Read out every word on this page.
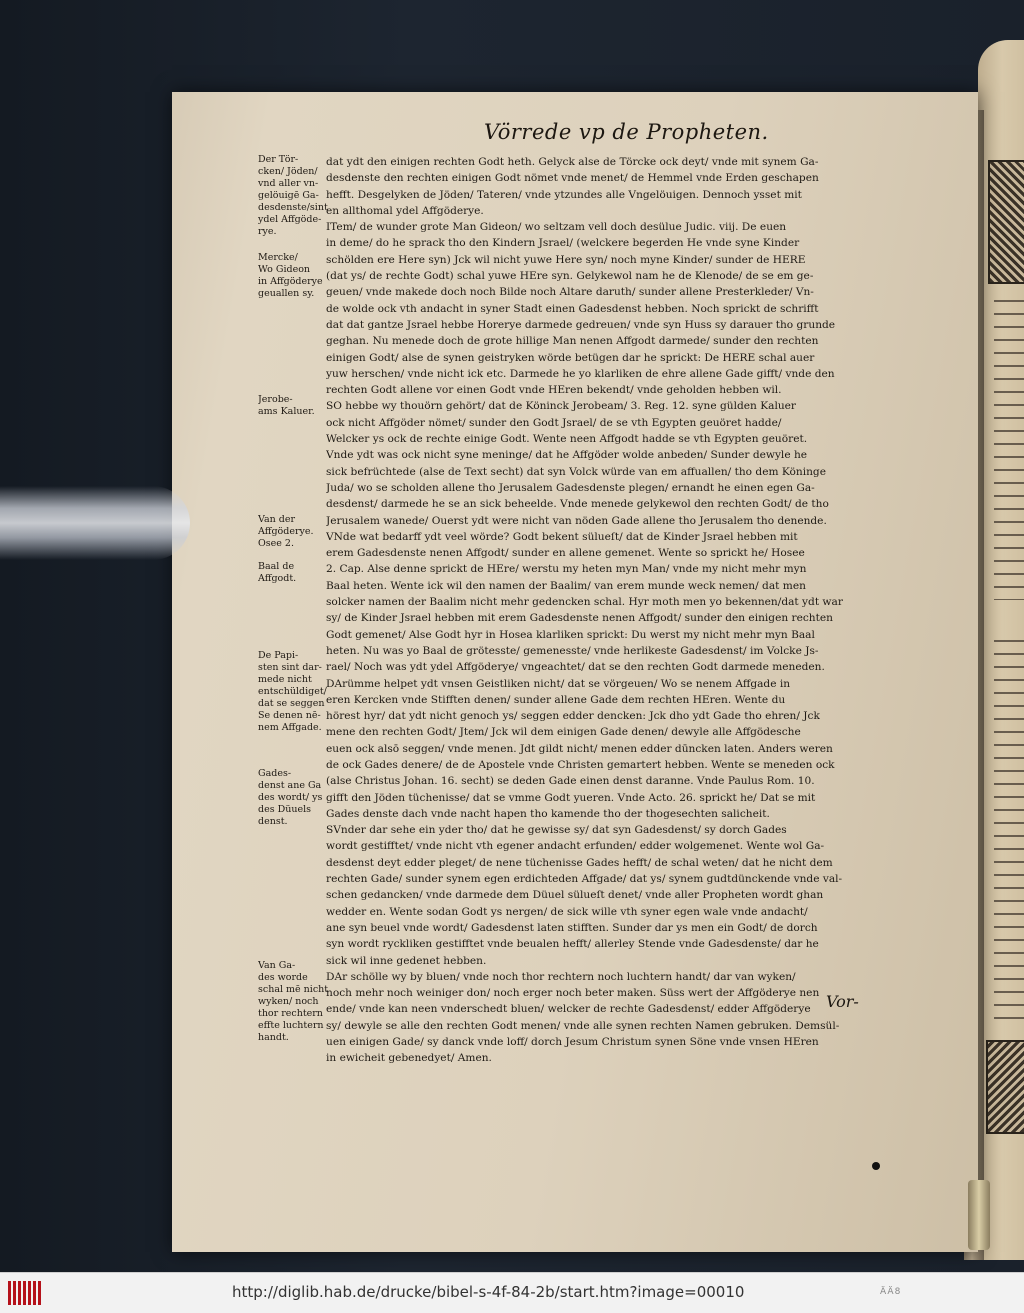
Vörrede vp de Propheten.
Der Tör-
cken/ Jöden/
vnd aller vn-
gelöuigē Ga-
desdenste/sint
ydel Affgöde-
rye.
Mercke/
Wo Gideon
in Affgöderye
geuallen sy.
Jerobe-
ams Kaluer.
Van der
Affgöderye.
Osee 2.
Baal de
Affgodt.
De Papi-
sten sint dar-
mede nicht
entschüldiget/
dat se seggen
Se denen nē-
nem Affgade.
Gades-
denst ane Ga
des wordt/ ys
des Düuels
denst.
Van Ga-
des worde
schal mē nicht
wyken/ noch
thor rechtern
effte luchtern
handt.
dat ydt den einigen rechten Godt heth. Gelyck alse de Törcke ock deyt/ vnde mit synem Ga-
desdenste den rechten einigen Godt nömet vnde menet/ de Hemmel vnde Erden geschapen
hefft. Desgelyken de Jöden/ Tateren/ vnde ytzundes alle Vngelöuigen. Dennoch ysset mit
en allthomal ydel Affgöderye.
ITem/ de wunder grote Man Gideon/ wo seltzam vell doch desülue Judic. viij. De euen
in deme/ do he sprack tho den Kindern Jsrael/ (welckere begerden He vnde syne Kinder
schölden ere Here syn) Jck wil nicht yuwe Here syn/ noch myne Kinder/ sunder de HERE
(dat ys/ de rechte Godt) schal yuwe HEre syn. Gelykewol nam he de Klenode/ de se em ge-
geuen/ vnde makede doch noch Bilde noch Altare daruth/ sunder allene Presterkleder/ Vn-
de wolde ock vth andacht in syner Stadt einen Gadesdenst hebben. Noch sprickt de schrifft
dat dat gantze Jsrael hebbe Horerye darmede gedreuen/ vnde syn Huss sy darauer tho grunde
geghan. Nu menede doch de grote hillige Man nenen Affgodt darmede/ sunder den rechten
einigen Godt/ alse de synen geistryken wörde betügen dar he sprickt: De HERE schal auer
yuw herschen/ vnde nicht ick etc. Darmede he yo klarliken de ehre allene Gade gifft/ vnde den
rechten Godt allene vor einen Godt vnde HEren bekendt/ vnde geholden hebben wil.
SO hebbe wy thouörn gehört/ dat de Köninck Jerobeam/ 3. Reg. 12. syne gülden Kaluer
ock nicht Affgöder nömet/ sunder den Godt Jsrael/ de se vth Egypten geuöret hadde/
Welcker ys ock de rechte einige Godt. Wente neen Affgodt hadde se vth Egypten geuöret.
Vnde ydt was ock nicht syne meninge/ dat he Affgöder wolde anbeden/ Sunder dewyle he
sick befrüchtede (alse de Text secht) dat syn Volck würde van em affuallen/ tho dem Köninge
Juda/ wo se scholden allene tho Jerusalem Gadesdenste plegen/ ernandt he einen egen Ga-
desdenst/ darmede he se an sick beheelde. Vnde menede gelykewol den rechten Godt/ de tho
Jerusalem wanede/ Ouerst ydt were nicht van nöden Gade allene tho Jerusalem tho denende.
VNde wat bedarff ydt veel wörde? Godt bekent sülueſt/ dat de Kinder Jsrael hebben mit
erem Gadesdenste nenen Affgodt/ sunder en allene gemenet. Wente so sprickt he/ Hosee
2. Cap. Alse denne sprickt de HEre/ werstu my heten myn Man/ vnde my nicht mehr myn
Baal heten. Wente ick wil den namen der Baalim/ van erem munde weck nemen/ dat men
solcker namen der Baalim nicht mehr gedencken schal. Hyr moth men yo bekennen/dat ydt war
sy/ de Kinder Jsrael hebben mit erem Gadesdenste nenen Affgodt/ sunder den einigen rechten
Godt gemenet/ Alse Godt hyr in Hosea klarliken sprickt: Du werst my nicht mehr myn Baal
heten. Nu was yo Baal de grötesste/ gemenesste/ vnde herlikeste Gadesdenst/ im Volcke Js-
rael/ Noch was ydt ydel Affgöderye/ vngeachtet/ dat se den rechten Godt darmede meneden.
DArümme helpet ydt vnsen Geistliken nicht/ dat se vörgeuen/ Wo se nenem Affgade in
eren Kercken vnde Stifften denen/ sunder allene Gade dem rechten HEren. Wente du
hörest hyr/ dat ydt nicht genoch ys/ seggen edder dencken: Jck dho ydt Gade tho ehren/ Jck
mene den rechten Godt/ Jtem/ Jck wil dem einigen Gade denen/ dewyle alle Affgödesche
euen ock alsō seggen/ vnde menen. Jdt gildt nicht/ menen edder dūncken laten. Anders weren
de ock Gades denere/ de de Apostele vnde Christen gemartert hebben. Wente se meneden ock
(alse Christus Johan. 16. secht) se deden Gade einen denst daranne. Vnde Paulus Rom. 10.
gifft den Jöden tüchenisse/ dat se vmme Godt yueren. Vnde Acto. 26. sprickt he/ Dat se mit
Gades denste dach vnde nacht hapen tho kamende tho der thogesechten salicheit.
SVnder dar sehe ein yder tho/ dat he gewisse sy/ dat syn Gadesdenst/ sy dorch Gades
wordt gestifftet/ vnde nicht vth egener andacht erfunden/ edder wolgemenet. Wente wol Ga-
desdenst deyt edder pleget/ de nene tüchenisse Gades hefft/ de schal weten/ dat he nicht dem
rechten Gade/ sunder synem egen erdichteden Affgade/ dat ys/ synem gudtdünckende vnde val-
schen gedancken/ vnde darmede dem Düuel sülueſt denet/ vnde aller Propheten wordt ghan
wedder en. Wente sodan Godt ys nergen/ de sick wille vth syner egen wale vnde andacht/
ane syn beuel vnde wordt/ Gadesdenst laten stifften. Sunder dar ys men ein Godt/ de dorch
syn wordt ryckliken gestifftet vnde beualen hefft/ allerley Stende vnde Gadesdenste/ dar he
sick wil inne gedenet hebben.
DAr schölle wy by bluen/ vnde noch thor rechtern noch luchtern handt/ dar van wyken/
noch mehr noch weiniger don/ noch erger noch beter maken. Süss wert der Affgöderye nen
ende/ vnde kan neen vnderschedt bluen/ welcker de rechte Gadesdenst/ edder Affgöderye
sy/ dewyle se alle den rechten Godt menen/ vnde alle synen rechten Namen gebruken. Demsül-
uen einigen Gade/ sy danck vnde loff/ dorch Jesum Christum synen Söne vnde vnsen HEren
in ewicheit gebenedyet/ Amen.
Vor-
http://diglib.hab.de/drucke/bibel-s-4f-84-2b/start.htm?image=00010	ÄÄ8
